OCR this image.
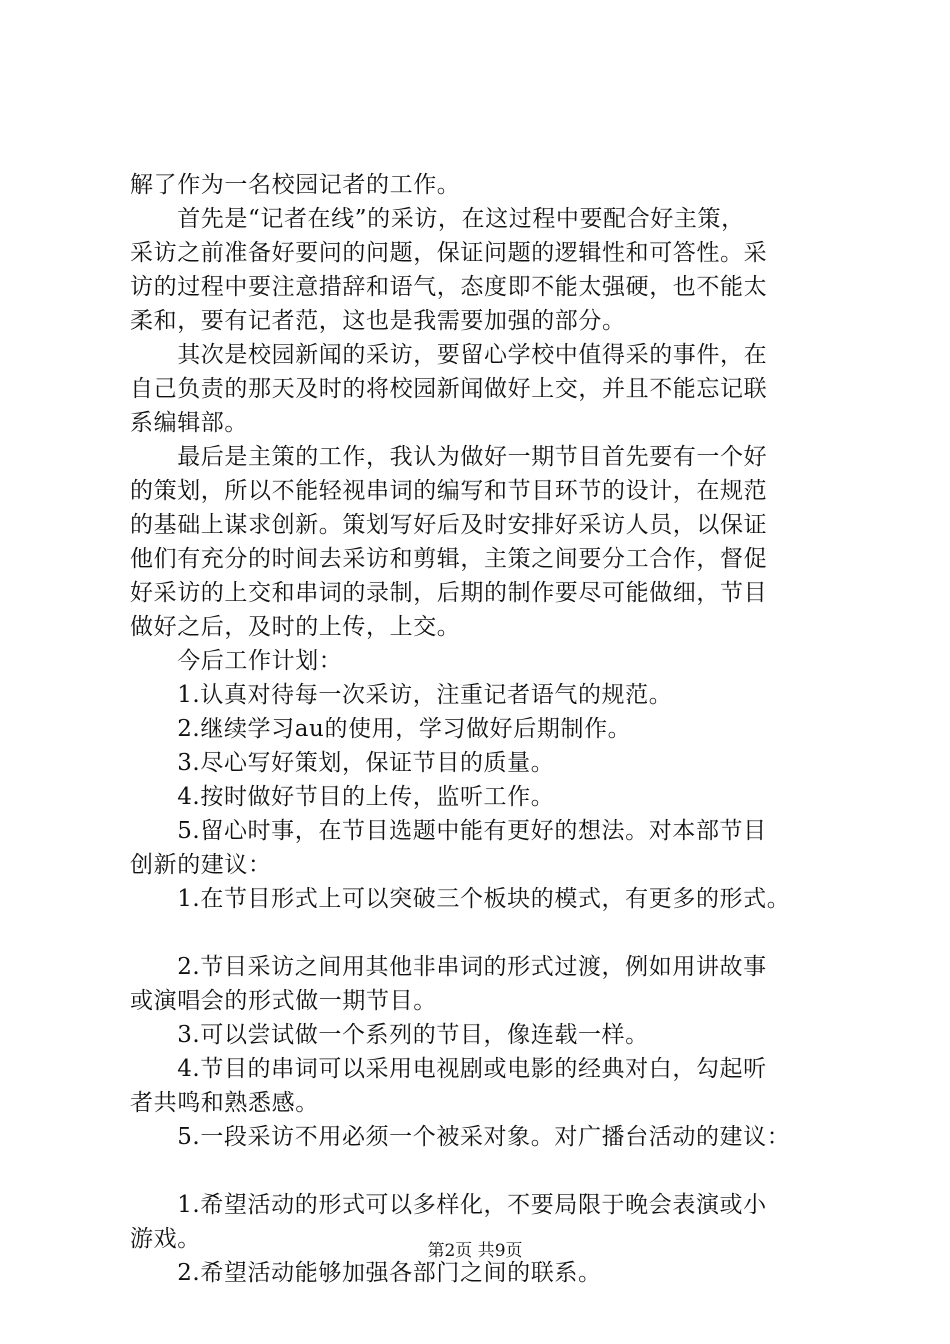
解了作为一名校园记者的工作。
　　首先是“记者在线”的采访，在这过程中要配合好主策，
采访之前准备好要问的问题，保证问题的逻辑性和可答性。采
访的过程中要注意措辞和语气，态度即不能太强硬，也不能太
柔和，要有记者范，这也是我需要加强的部分。
　　其次是校园新闻的采访，要留心学校中值得采的事件，在
自己负责的那天及时的将校园新闻做好上交，并且不能忘记联
系编辑部。
　　最后是主策的工作，我认为做好一期节目首先要有一个好
的策划，所以不能轻视串词的编写和节目环节的设计，在规范
的基础上谋求创新。策划写好后及时安排好采访人员，以保证
他们有充分的时间去采访和剪辑，主策之间要分工合作，督促
好采访的上交和串词的录制，后期的制作要尽可能做细，节目
做好之后，及时的上传，上交。
　　今后工作计划：
　　1.认真对待每一次采访，注重记者语气的规范。
　　2.继续学习au的使用，学习做好后期制作。
　　3.尽心写好策划，保证节目的质量。
　　4.按时做好节目的上传，监听工作。
　　5.留心时事，在节目选题中能有更好的想法。对本部节目
创新的建议：
　　1.在节目形式上可以突破三个板块的模式，有更多的形式。
　　2.节目采访之间用其他非串词的形式过渡，例如用讲故事
或演唱会的形式做一期节目。
　　3.可以尝试做一个系列的节目，像连载一样。
　　4.节目的串词可以采用电视剧或电影的经典对白，勾起听
者共鸣和熟悉感。
　　5.一段采访不用必须一个被采对象。对广播台活动的建议：
　　1.希望活动的形式可以多样化，不要局限于晚会表演或小
游戏。
　　2.希望活动能够加强各部门之间的联系。
第2页 共9页
